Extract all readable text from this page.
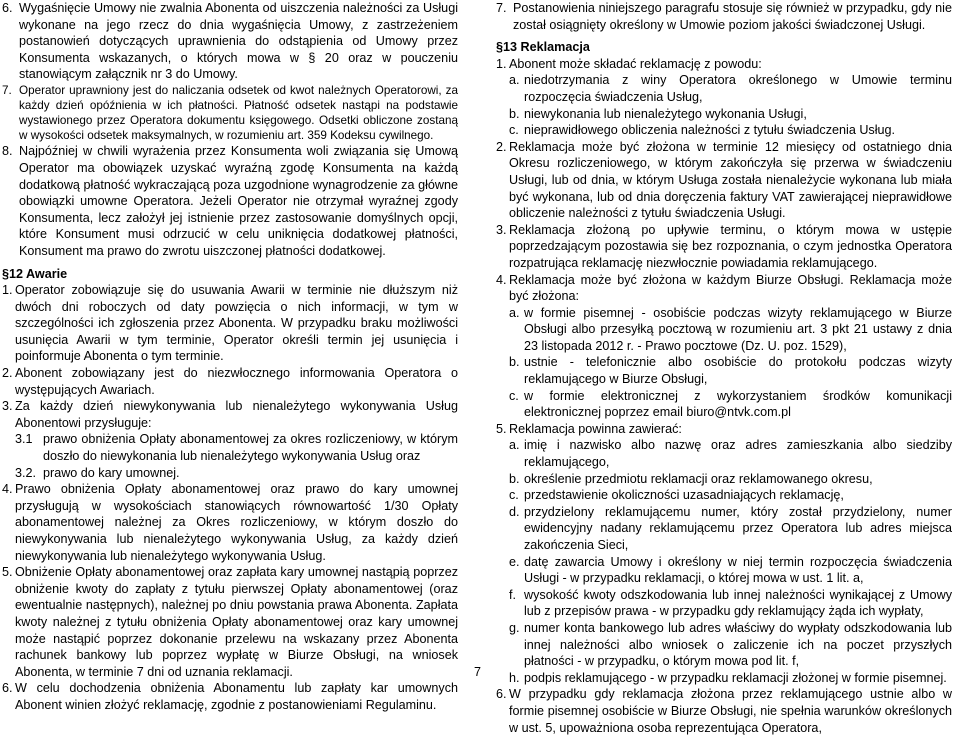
6. Wygaśnięcie Umowy nie zwalnia Abonenta od uiszczenia należności za Usługi wykonane na jego rzecz do dnia wygaśnięcia Umowy, z zastrzeżeniem postanowień dotyczących uprawnienia do odstąpienia od Umowy przez Konsumenta wskazanych, o których mowa w § 20 oraz w pouczeniu stanowiącym załącznik nr 3 do Umowy.
7. Operator uprawniony jest do naliczania odsetek od kwot należnych Operatorowi, za każdy dzień opóźnienia w ich płatności. Płatność odsetek nastąpi na podstawie wystawionego przez Operatora dokumentu księgowego. Odsetki obliczone zostaną w wysokości odsetek maksymalnych, w rozumieniu art. 359 Kodeksu cywilnego.
8. Najpóźniej w chwili wyrażenia przez Konsumenta woli związania się Umową Operator ma obowiązek uzyskać wyraźną zgodę Konsumenta na każdą dodatkową płatność wykraczającą poza uzgodnione wynagrodzenie za główne obowiązki umowne Operatora. Jeżeli Operator nie otrzymał wyraźnej zgody Konsumenta, lecz założył jej istnienie przez zastosowanie domyślnych opcji, które Konsument musi odrzucić w celu uniknięcia dodatkowej płatności, Konsument ma prawo do zwrotu uiszczonej płatności dodatkowej.
§12 Awarie
1. Operator zobowiązuje się do usuwania Awarii w terminie nie dłuższym niż dwóch dni roboczych od daty powzięcia o nich informacji, w tym w szczególności ich zgłoszenia przez Abonenta. W przypadku braku możliwości usunięcia Awarii w tym terminie, Operator określi termin jej usunięcia i poinformuje Abonenta o tym terminie.
2. Abonent zobowiązany jest do niezwłocznego informowania Operatora o występujących Awariach.
3. Za każdy dzień niewykonywania lub nienależytego wykonywania Usług Abonentowi przysługuje:
3.1 prawo obniżenia Opłaty abonamentowej za okres rozliczeniowy, w którym doszło do niewykonania lub nienależytego wykonywania Usług oraz
3.2. prawo do kary umownej.
4. Prawo obniżenia Opłaty abonamentowej oraz prawo do kary umownej przysługują w wysokościach stanowiących równowartość 1/30 Opłaty abonamentowej należnej za Okres rozliczeniowy, w którym doszło do niewykonywania lub nienależytego wykonywania Usług, za każdy dzień niewykonywania lub nienależytego wykonywania Usług.
5. Obniżenie Opłaty abonamentowej oraz zapłata kary umownej nastąpią poprzez obniżenie kwoty do zapłaty z tytułu pierwszej Opłaty abonamentowej (oraz ewentualnie następnych), należnej po dniu powstania prawa Abonenta. Zapłata kwoty należnej z tytułu obniżenia Opłaty abonamentowej oraz kary umownej może nastąpić poprzez dokonanie przelewu na wskazany przez Abonenta rachunek bankowy lub poprzez wypłatę w Biurze Obsługi, na wniosek Abonenta, w terminie 7 dni od uznania reklamacji.
6. W celu dochodzenia obniżenia Abonamentu lub zapłaty kar umownych Abonent winien złożyć reklamację, zgodnie z postanowieniami Regulaminu.
7. Postanowienia niniejszego paragrafu stosuje się również w przypadku, gdy nie został osiągnięty określony w Umowie poziom jakości świadczonej Usługi.
§13 Reklamacja
1. Abonent może składać reklamację z powodu:
a. niedotrzymania z winy Operatora określonego w Umowie terminu rozpoczęcia świadczenia Usług,
b. niewykonania lub nienależytego wykonania Usługi,
c. nieprawidłowego obliczenia należności z tytułu świadczenia Usług.
2. Reklamacja może być złożona w terminie 12 miesięcy od ostatniego dnia Okresu rozliczeniowego, w którym zakończyła się przerwa w świadczeniu Usługi, lub od dnia, w którym Usługa została nienależycie wykonana lub miała być wykonana, lub od dnia doręczenia faktury VAT zawierającej nieprawidłowe obliczenie należności z tytułu świadczenia Usługi.
3. Reklamacja złożoną po upływie terminu, o którym mowa w ustępie poprzedzającym pozostawia się bez rozpoznania, o czym jednostka Operatora rozpatrująca reklamację niezwłocznie powiadamia reklamującego.
4. Reklamacja może być złożona w każdym Biurze Obsługi. Reklamacja może być złożona:
a. w formie pisemnej - osobiście podczas wizyty reklamującego w Biurze Obsługi albo przesyłką pocztową w rozumieniu art. 3 pkt 21 ustawy z dnia 23 listopada 2012 r. - Prawo pocztowe (Dz. U. poz. 1529),
b. ustnie - telefonicznie albo osobiście do protokołu podczas wizyty reklamującego w Biurze Obsługi,
c. w formie elektronicznej z wykorzystaniem środków komunikacji elektronicznej poprzez email biuro@ntvk.com.pl
5. Reklamacja powinna zawierać:
a. imię i nazwisko albo nazwę oraz adres zamieszkania albo siedziby reklamującego,
b. określenie przedmiotu reklamacji oraz reklamowanego okresu,
c. przedstawienie okoliczności uzasadniających reklamację,
d. przydzielony reklamującemu numer, który został przydzielony, numer ewidencyjny nadany reklamującemu przez Operatora lub adres miejsca zakończenia Sieci,
e. datę zawarcia Umowy i określony w niej termin rozpoczęcia świadczenia Usługi - w przypadku reklamacji, o której mowa w ust. 1 lit. a,
f. wysokość kwoty odszkodowania lub innej należności wynikającej z Umowy lub z przepisów prawa - w przypadku gdy reklamujący żąda ich wypłaty,
g. numer konta bankowego lub adres właściwy do wypłaty odszkodowania lub innej należności albo wniosek o zaliczenie ich na poczet przyszłych płatności - w przypadku, o którym mowa pod lit. f,
h. podpis reklamującego - w przypadku reklamacji złożonej w formie pisemnej.
6. W przypadku gdy reklamacja złożona przez reklamującego ustnie albo w formie pisemnej osobiście w Biurze Obsługi, nie spełnia warunków określonych w ust. 5, upoważniona osoba reprezentująca Operatora,
7
